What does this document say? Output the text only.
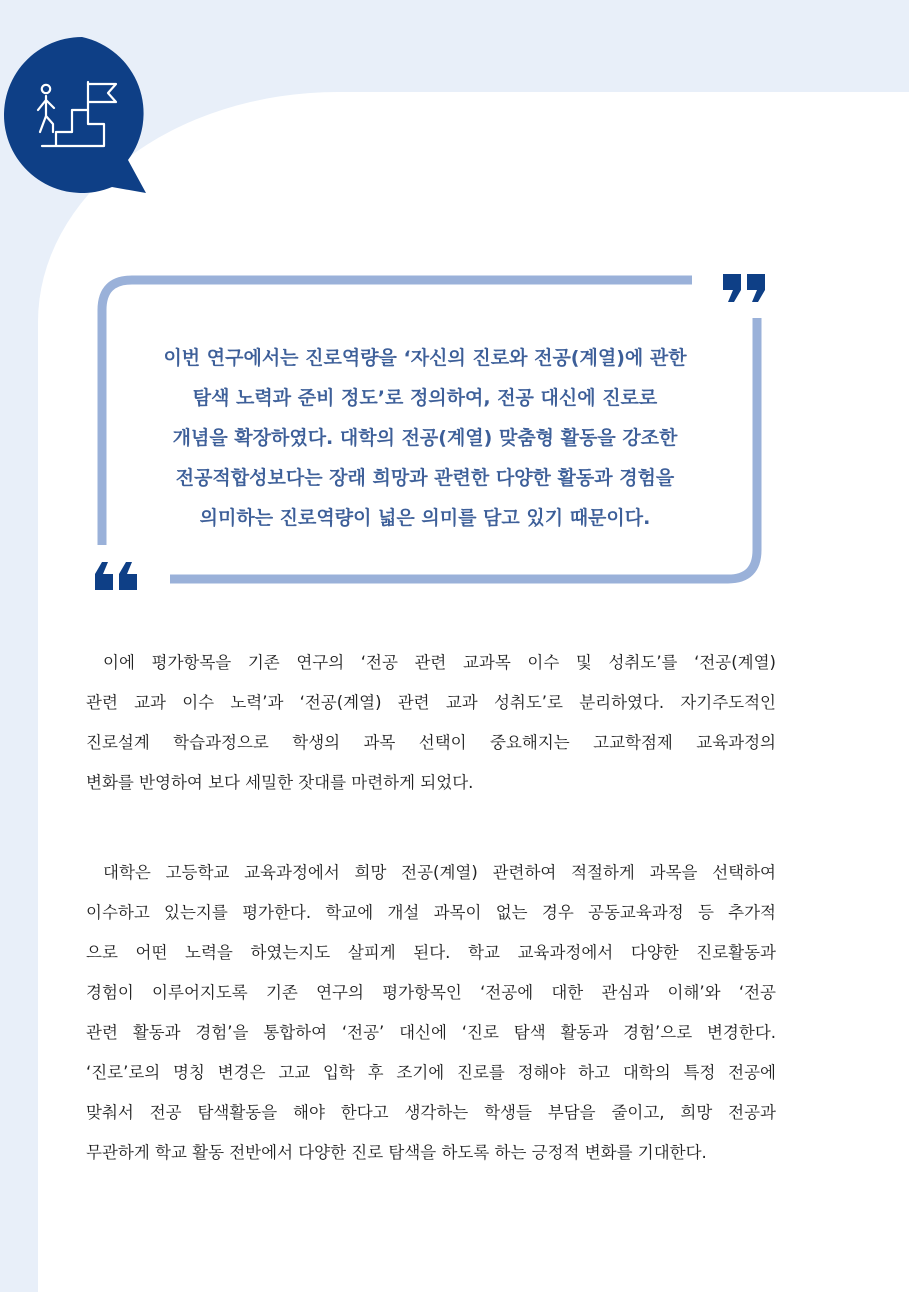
이번 연구에서는 진로역량을 ‘자신의 진로와 전공(계열)에 관한
탐색 노력과 준비 정도’로 정의하여, 전공 대신에 진로로
개념을 확장하였다. 대학의 전공(계열) 맞춤형 활동을 강조한
전공적합성보다는 장래 희망과 관련한 다양한 활동과 경험을
의미하는 진로역량이 넓은 의미를 담고 있기 때문이다.

이에 평가항목을 기존 연구의 ‘전공 관련 교과목 이수 및 성취도’를 ‘전공(계열)
관련 교과 이수 노력’과 ‘전공(계열) 관련 교과 성취도’로 분리하였다. 자기주도적인
진로설계 학습과정으로 학생의 과목 선택이 중요해지는 고교학점제 교육과정의
변화를 반영하여 보다 세밀한 잣대를 마련하게 되었다.

대학은 고등학교 교육과정에서 희망 전공(계열) 관련하여 적절하게 과목을 선택하여
이수하고 있는지를 평가한다. 학교에 개설 과목이 없는 경우 공동교육과정 등 추가적
으로 어떤 노력을 하였는지도 살피게 된다. 학교 교육과정에서 다양한 진로활동과
경험이 이루어지도록 기존 연구의 평가항목인 ‘전공에 대한 관심과 이해’와 ‘전공
관련 활동과 경험’을 통합하여 ‘전공’ 대신에 ‘진로 탐색 활동과 경험’으로 변경한다.
‘진로’로의 명칭 변경은 고교 입학 후 조기에 진로를 정해야 하고 대학의 특정 전공에
맞춰서 전공 탐색활동을 해야 한다고 생각하는 학생들 부담을 줄이고, 희망 전공과
무관하게 학교 활동 전반에서 다양한 진로 탐색을 하도록 하는 긍정적 변화를 기대한다.
